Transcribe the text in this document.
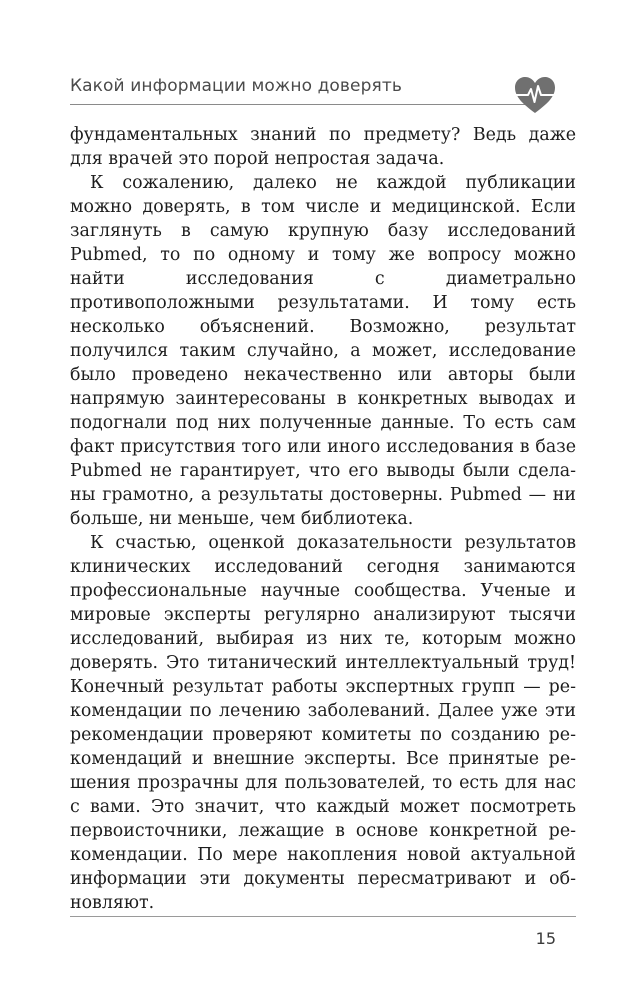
Какой информации можно доверять

фундаментальных знаний по предмету? Ведь даже для врачей это порой непростая задача.

К сожалению, далеко не каждой публикации можно доверять, в том числе и медицинской. Если заглянуть в самую крупную базу исследований Pubmed, то по одному и тому же вопросу можно найти исследования с диаметрально противоположными результатами. И тому есть несколько объяснений. Возможно, результат получился таким случайно, а может, исследование было проведено некачественно или авторы были напрямую заинтересованы в конкретных выводах и подогнали под них полученные данные. То есть сам факт присутствия того или иного исследования в базе Pubmed не гарантирует, что его выводы были сделаны грамотно, а результаты достоверны. Pubmed — ни больше, ни меньше, чем библиотека.

К счастью, оценкой доказательности результатов клинических исследований сегодня занимаются профессиональные научные сообщества. Ученые и мировые эксперты регулярно анализируют тысячи исследований, выбирая из них те, которым можно доверять. Это титанический интеллектуальный труд! Конечный результат работы экспертных групп — рекомендации по лечению заболеваний. Далее уже эти рекомендации проверяют комитеты по созданию рекомендаций и внешние эксперты. Все принятые решения прозрачны для пользователей, то есть для нас с вами. Это значит, что каждый может посмотреть первоисточники, лежащие в основе конкретной рекомендации. По мере накопления новой актуальной информации эти документы пересматривают и обновляют.

15
